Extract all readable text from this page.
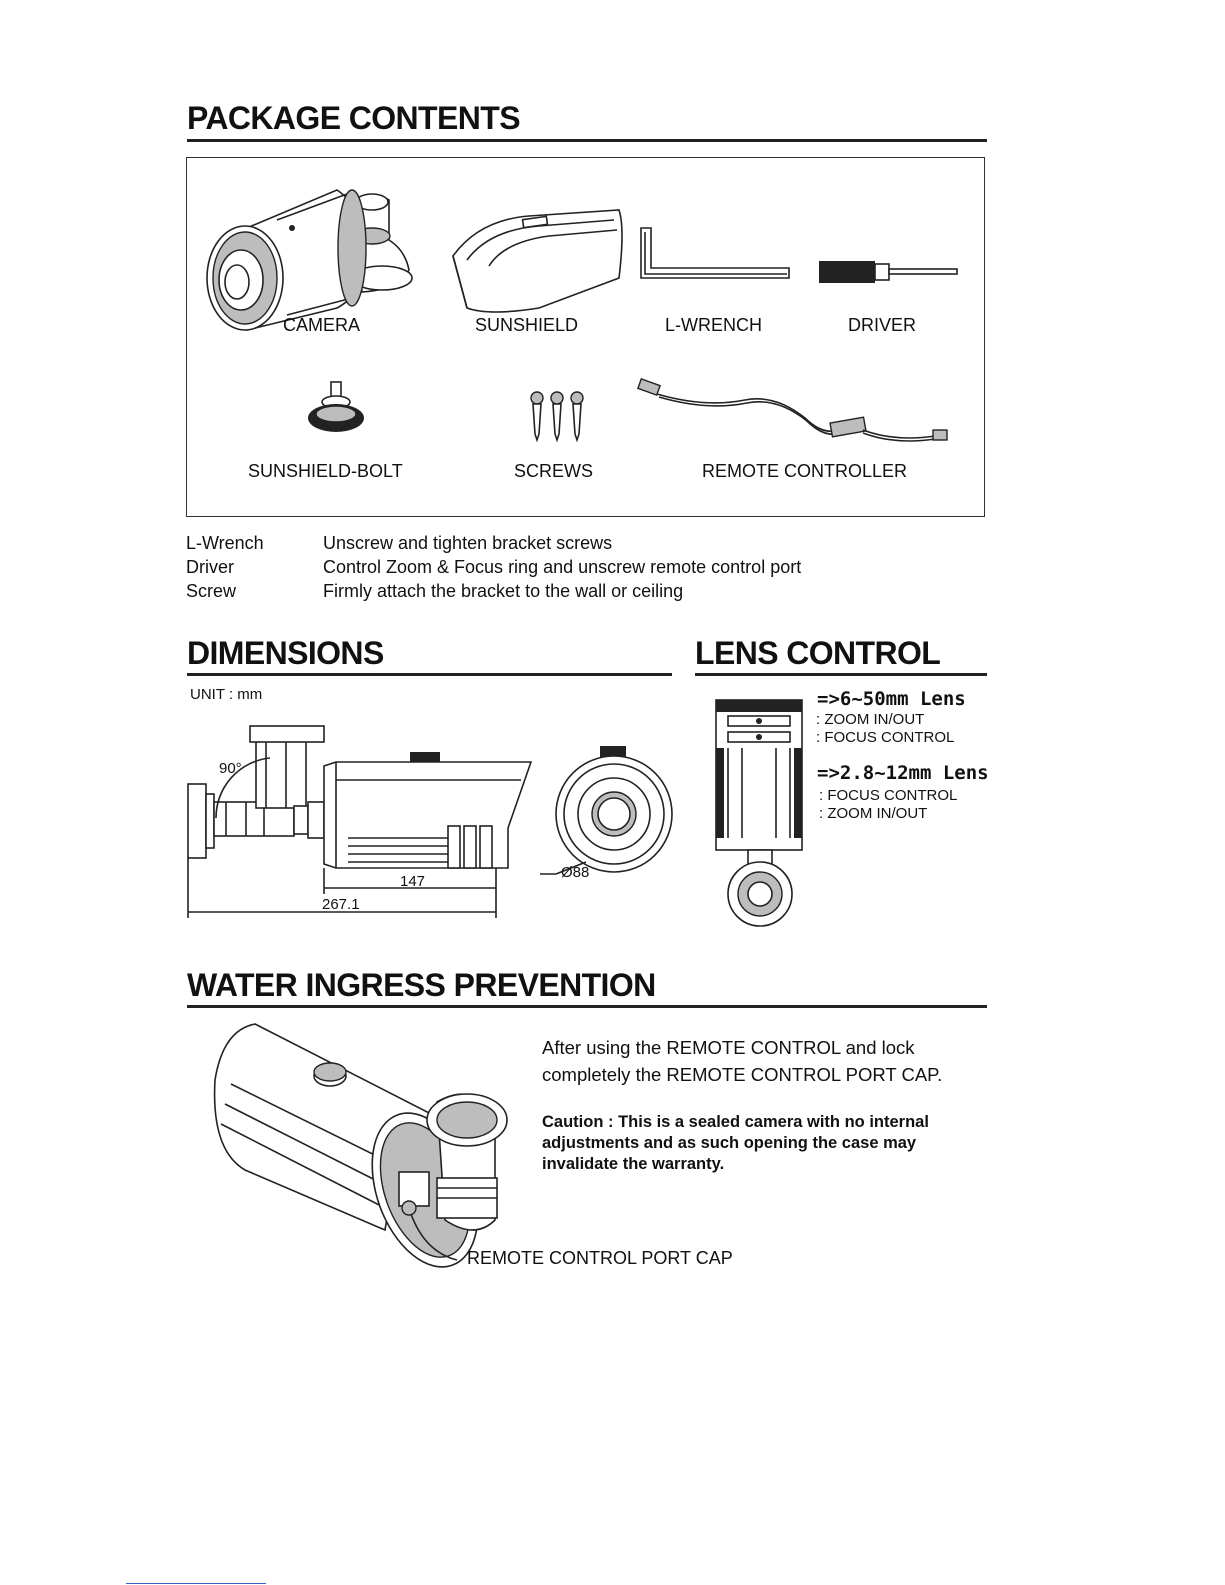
PACKAGE CONTENTS
CAMERA	SUNSHIELD	L-WRENCH	DRIVER
SUNSHIELD-BOLT	SCREWS	REMOTE CONTROLLER
L-Wrench	Unscrew and tighten bracket screws
Driver	Control Zoom & Focus ring and unscrew remote control port
Screw	Firmly attach the bracket to the wall or ceiling
DIMENSIONS
UNIT : mm
90°
147
267.1
Ø88
LENS CONTROL
=>6~50mm Lens
: ZOOM IN/OUT
: FOCUS CONTROL
=>2.8~12mm Lens
: FOCUS CONTROL
: ZOOM IN/OUT
WATER INGRESS PREVENTION
After using the REMOTE CONTROL and lock completely the REMOTE CONTROL PORT CAP.
Caution : This is a sealed camera with no internal adjustments and as such opening the case may invalidate the warranty.
REMOTE CONTROL PORT CAP
